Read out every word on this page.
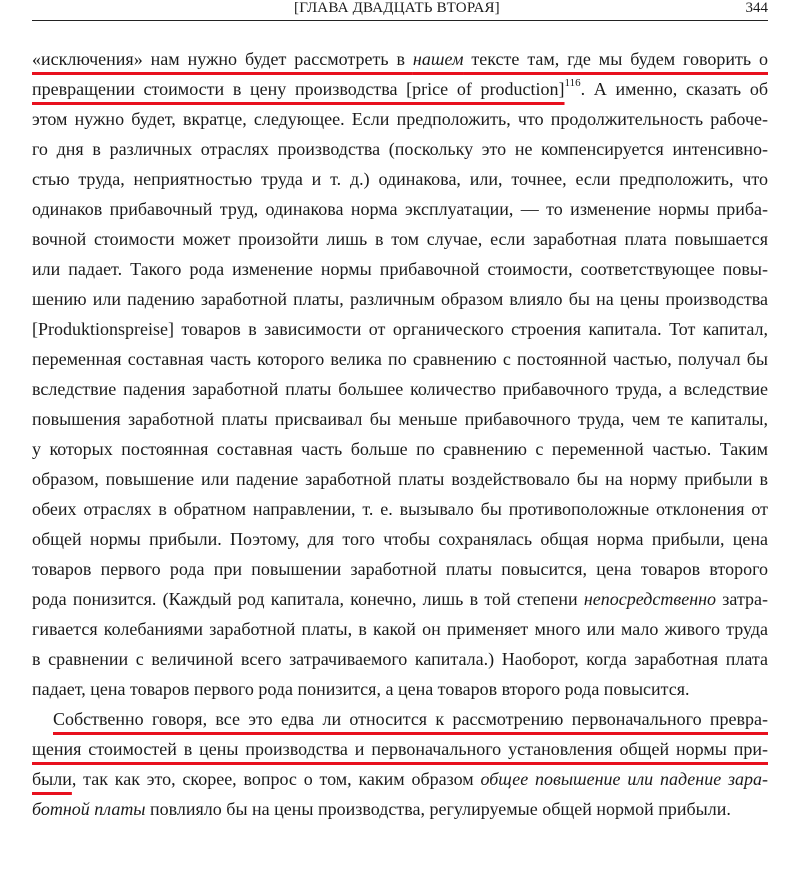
[ГЛАВА ДВАДЦАТЬ ВТОРАЯ]	344
«исключения» нам нужно будет рассмотреть в нашем тексте там, где мы будем говорить о
превращении стоимости в цену производства [price of production]$^{116}$. А именно, сказать об
этом нужно будет, вкратце, следующее. Если предположить, что продолжительность рабоче-
го дня в различных отраслях производства (поскольку это не компенсируется интенсивно-
стью труда, неприятностью труда и т. д.) одинакова, или, точнее, если предположить, что
одинаков прибавочный труд, одинакова норма эксплуатации, — то изменение нормы приба-
вочной стоимости может произойти лишь в том случае, если заработная плата повышается
или падает. Такого рода изменение нормы прибавочной стоимости, соответствующее повы-
шению или падению заработной платы, различным образом влияло бы на цены производства
[Produktionspreise] товаров в зависимости от органического строения капитала. Тот капитал,
переменная составная часть которого велика по сравнению с постоянной частью, получал бы
вследствие падения заработной платы большее количество прибавочного труда, а вследствие
повышения заработной платы присваивал бы меньше прибавочного труда, чем те капиталы,
у которых постоянная составная часть больше по сравнению с переменной частью. Таким
образом, повышение или падение заработной платы воздействовало бы на норму прибыли в
обеих отраслях в обратном направлении, т. е. вызывало бы противоположные отклонения от
общей нормы прибыли. Поэтому, для того чтобы сохранялась общая норма прибыли, цена
товаров первого рода при повышении заработной платы повысится, цена товаров второго
рода понизится. (Каждый род капитала, конечно, лишь в той степени непосредственно затра-
гивается колебаниями заработной платы, в какой он применяет много или мало живого труда
в сравнении с величиной всего затрачиваемого капитала.) Наоборот, когда заработная плата
падает, цена товаров первого рода понизится, а цена товаров второго рода повысится.
Собственно говоря, все это едва ли относится к рассмотрению первоначального превра-
щения стоимостей в цены производства и первоначального установления общей нормы при-
были, так как это, скорее, вопрос о том, каким образом общее повышение или падение зара-
ботной платы повлияло бы на цены производства, регулируемые общей нормой прибыли.
